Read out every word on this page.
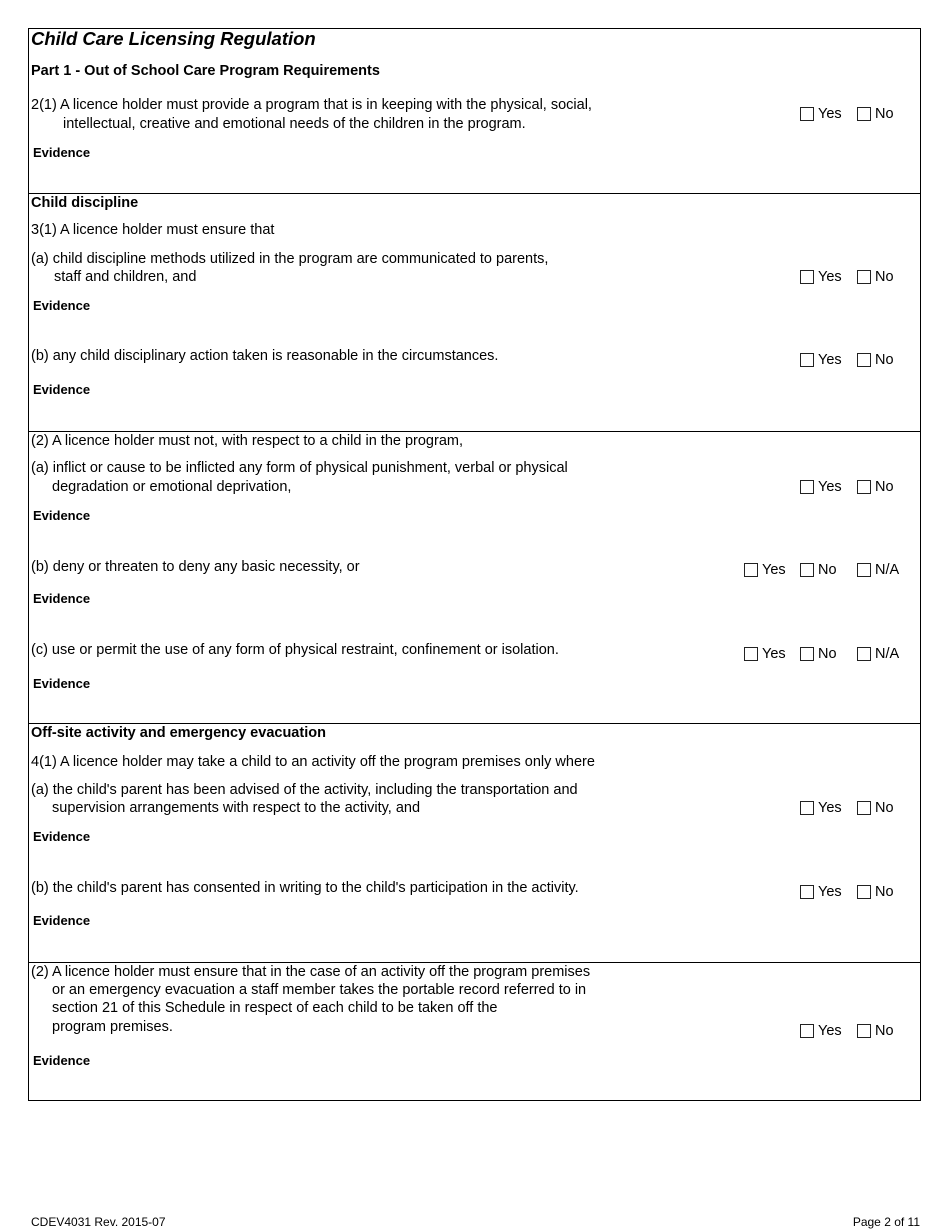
Child Care Licensing Regulation
Part 1 - Out of School Care Program Requirements
2(1) A licence holder must provide a program that is in keeping with the physical, social,
intellectual, creative and emotional needs of the children in the program.
Yes No
Evidence
Child discipline
3(1) A licence holder must ensure that
(a) child discipline methods utilized in the program are communicated to parents,
staff and children, and	Yes No
Evidence
(b) any child disciplinary action taken is reasonable in the circumstances.	Yes No
Evidence
(2) A licence holder must not, with respect to a child in the program,
(a) inflict or cause to be inflicted any form of physical punishment, verbal or physical
degradation or emotional deprivation,	Yes No
Evidence
(b) deny or threaten to deny any basic necessity, or	Yes No	N/A
Evidence
(c) use or permit the use of any form of physical restraint, confinement or isolation.	Yes No	N/A
Evidence
Off-site activity and emergency evacuation
4(1) A licence holder may take a child to an activity off the program premises only where
(a) the child's parent has been advised of the activity, including the transportation and
supervision arrangements with respect to the activity, and	Yes No
Evidence
(b) the child's parent has consented in writing to the child's participation in the activity.	Yes No
Evidence
(2) A licence holder must ensure that in the case of an activity off the program premises
or an emergency evacuation a staff member takes the portable record referred to in
section 21 of this Schedule in respect of each child to be taken off the
program premises.	Yes No
Evidence
CDEV4031 Rev. 2015-07	Page 2 of 11
